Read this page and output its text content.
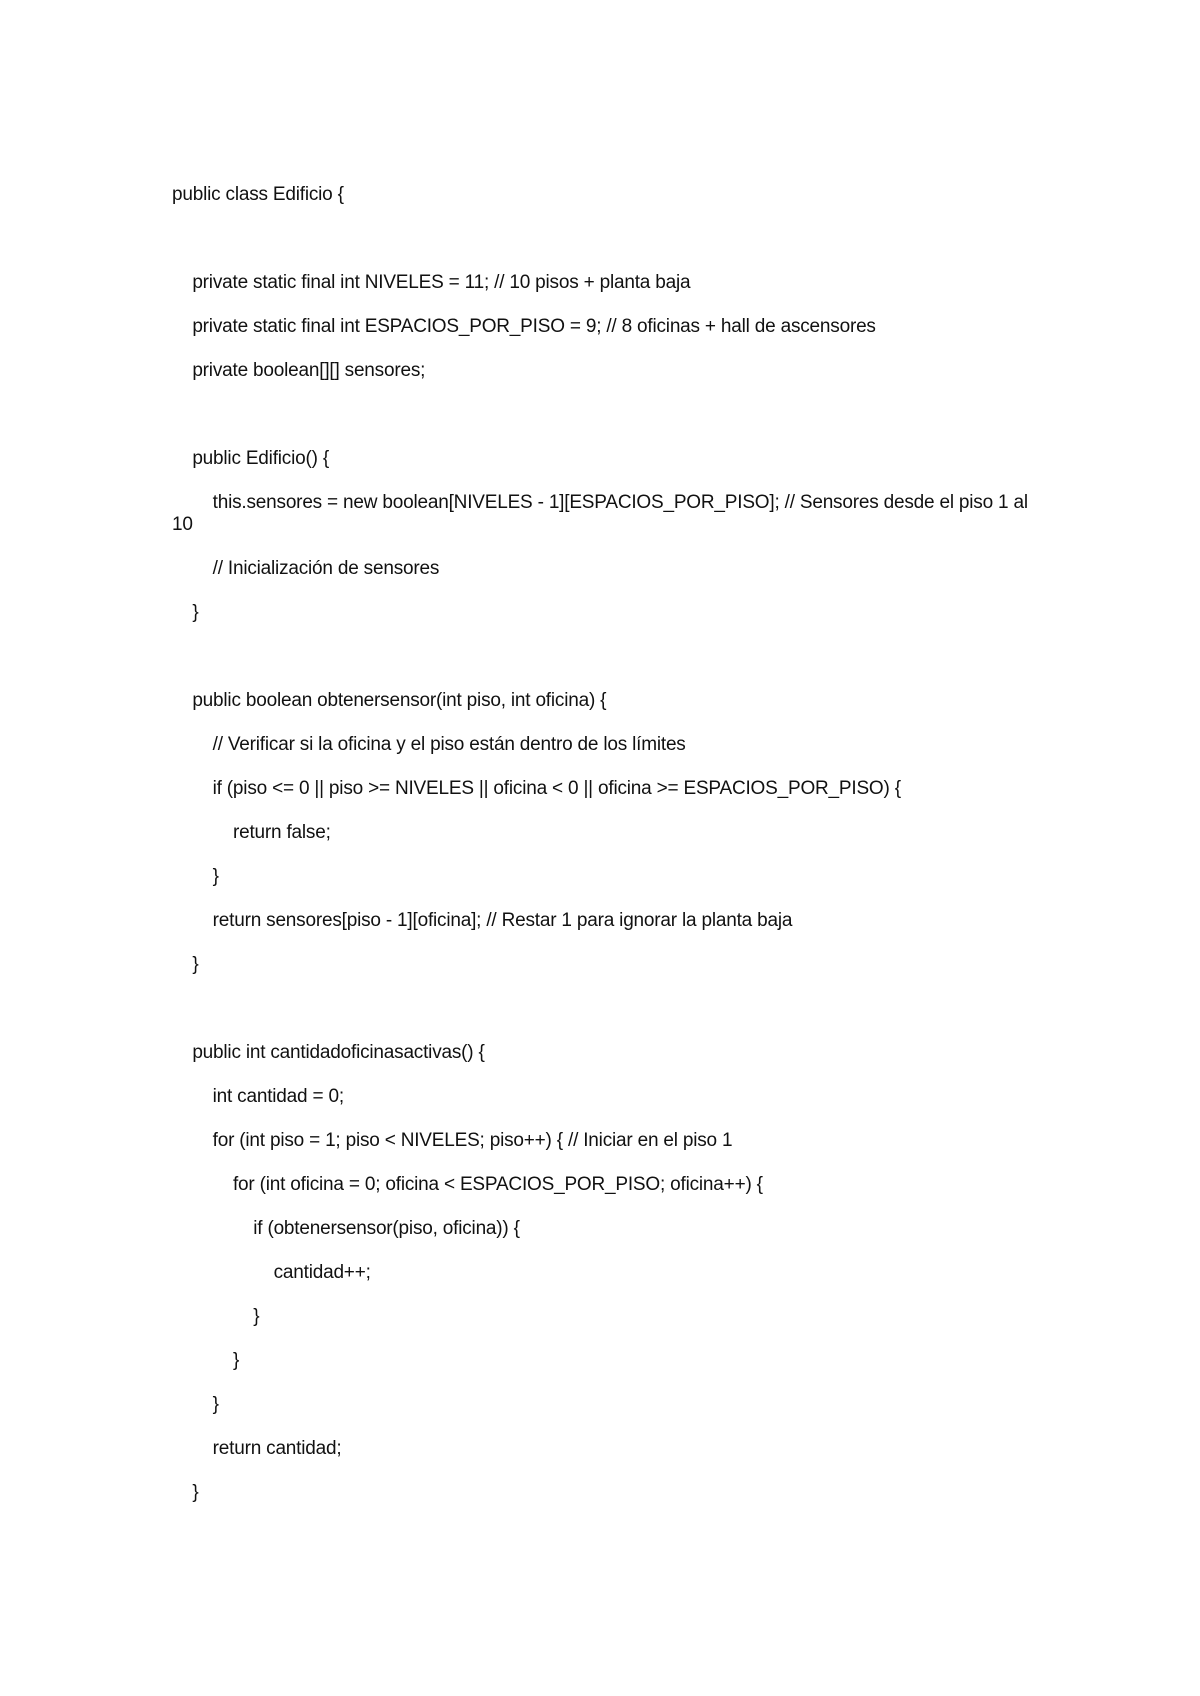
public class Edificio {
private static final int NIVELES = 11; // 10 pisos + planta baja
private static final int ESPACIOS_POR_PISO = 9; // 8 oficinas + hall de ascensores
private boolean[][] sensores;
public Edificio() {
this.sensores = new boolean[NIVELES - 1][ESPACIOS_POR_PISO]; // Sensores desde el piso 1 al 10
// Inicialización de sensores
}
public boolean obtenersensor(int piso, int oficina) {
// Verificar si la oficina y el piso están dentro de los límites
if (piso <= 0 || piso >= NIVELES || oficina < 0 || oficina >= ESPACIOS_POR_PISO) {
return false;
}
return sensores[piso - 1][oficina]; // Restar 1 para ignorar la planta baja
}
public int cantidadoficinasactivas() {
int cantidad = 0;
for (int piso = 1; piso < NIVELES; piso++) { // Iniciar en el piso 1
for (int oficina = 0; oficina < ESPACIOS_POR_PISO; oficina++) {
if (obtenersensor(piso, oficina)) {
cantidad++;
}
}
}
return cantidad;
}
